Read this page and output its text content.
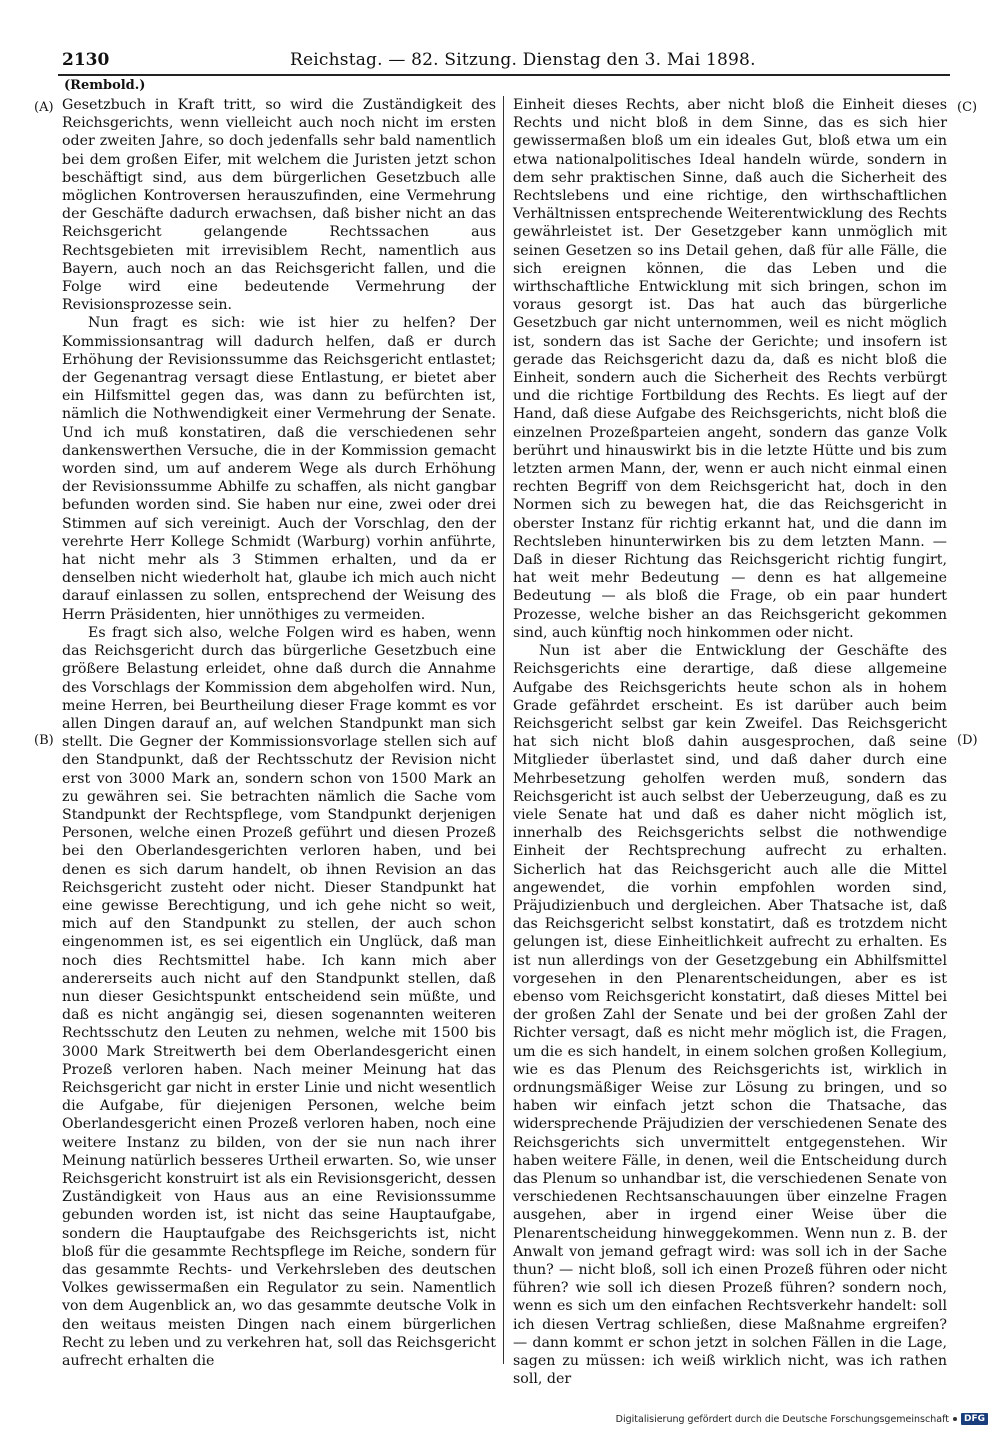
2130	Reichstag. — 82. Sitzung. Dienstag den 3. Mai 1898.
(Rembold.)
(A)
(B)
(C)
(D)

Gesetzbuch in Kraft tritt, so wird die Zuständigkeit des Reichsgerichts, wenn vielleicht auch noch nicht im ersten oder zweiten Jahre, so doch jedenfalls sehr bald namentlich bei dem großen Eifer, mit welchem die Juristen jetzt schon beschäftigt sind, aus dem bürgerlichen Gesetzbuch alle möglichen Kontroversen herauszufinden, eine Vermehrung der Geschäfte dadurch erwachsen, daß bisher nicht an das Reichsgericht gelangende Rechtssachen aus Rechtsgebieten mit irrevisiblem Recht, namentlich aus Bayern, auch noch an das Reichsgericht fallen, und die Folge wird eine bedeutende Vermehrung der Revisionsprozesse sein.

Nun fragt es sich: wie ist hier zu helfen? Der Kommissionsantrag will dadurch helfen, daß er durch Erhöhung der Revisionssumme das Reichsgericht entlastet; der Gegenantrag versagt diese Entlastung, er bietet aber ein Hilfsmittel gegen das, was dann zu befürchten ist, nämlich die Nothwendigkeit einer Vermehrung der Senate. Und ich muß konstatiren, daß die verschiedenen sehr dankenswerthen Versuche, die in der Kommission gemacht worden sind, um auf anderem Wege als durch Erhöhung der Revisionssumme Abhilfe zu schaffen, als nicht gangbar befunden worden sind. Sie haben nur eine, zwei oder drei Stimmen auf sich vereinigt. Auch der Vorschlag, den der verehrte Herr Kollege Schmidt (Warburg) vorhin anführte, hat nicht mehr als 3 Stimmen erhalten, und da er denselben nicht wiederholt hat, glaube ich mich auch nicht darauf einlassen zu sollen, entsprechend der Weisung des Herrn Präsidenten, hier unnöthiges zu vermeiden.

Es fragt sich also, welche Folgen wird es haben, wenn das Reichsgericht durch das bürgerliche Gesetzbuch eine größere Belastung erleidet, ohne daß durch die Annahme des Vorschlags der Kommission dem abgeholfen wird. Nun, meine Herren, bei Beurtheilung dieser Frage kommt es vor allen Dingen darauf an, auf welchen Standpunkt man sich stellt. Die Gegner der Kommissionsvorlage stellen sich auf den Standpunkt, daß der Rechtsschutz der Revision nicht erst von 3000 Mark an, sondern schon von 1500 Mark an zu gewähren sei. Sie betrachten nämlich die Sache vom Standpunkt der Rechtspflege, vom Standpunkt derjenigen Personen, welche einen Prozeß geführt und diesen Prozeß bei den Oberlandesgerichten verloren haben, und bei denen es sich darum handelt, ob ihnen Revision an das Reichsgericht zusteht oder nicht. Dieser Standpunkt hat eine gewisse Berechtigung, und ich gehe nicht so weit, mich auf den Standpunkt zu stellen, der auch schon eingenommen ist, es sei eigentlich ein Unglück, daß man noch dies Rechtsmittel habe. Ich kann mich aber andererseits auch nicht auf den Standpunkt stellen, daß nun dieser Gesichtspunkt entscheidend sein müßte, und daß es nicht angängig sei, diesen sogenannten weiteren Rechtsschutz den Leuten zu nehmen, welche mit 1500 bis 3000 Mark Streitwerth bei dem Oberlandesgericht einen Prozeß verloren haben. Nach meiner Meinung hat das Reichsgericht gar nicht in erster Linie und nicht wesentlich die Aufgabe, für diejenigen Personen, welche beim Oberlandesgericht einen Prozeß verloren haben, noch eine weitere Instanz zu bilden, von der sie nun nach ihrer Meinung natürlich besseres Urtheil erwarten. So, wie unser Reichsgericht konstruirt ist als ein Revisionsgericht, dessen Zuständigkeit von Haus aus an eine Revisionssumme gebunden worden ist, ist nicht das seine Hauptaufgabe, sondern die Hauptaufgabe des Reichsgerichts ist, nicht bloß für die gesammte Rechtspflege im Reiche, sondern für das gesammte Rechts- und Verkehrsleben des deutschen Volkes gewissermaßen ein Regulator zu sein. Namentlich von dem Augenblick an, wo das gesammte deutsche Volk in den weitaus meisten Dingen nach einem bürgerlichen Recht zu leben und zu verkehren hat, soll das Reichsgericht aufrecht erhalten die

Einheit dieses Rechts, aber nicht bloß die Einheit dieses Rechts und nicht bloß in dem Sinne, das es sich hier gewissermaßen bloß um ein ideales Gut, bloß etwa um ein etwa nationalpolitisches Ideal handeln würde, sondern in dem sehr praktischen Sinne, daß auch die Sicherheit des Rechtslebens und eine richtige, den wirthschaftlichen Verhältnissen entsprechende Weiterentwicklung des Rechts gewährleistet ist. Der Gesetzgeber kann unmöglich mit seinen Gesetzen so ins Detail gehen, daß für alle Fälle, die sich ereignen können, die das Leben und die wirthschaftliche Entwicklung mit sich bringen, schon im voraus gesorgt ist. Das hat auch das bürgerliche Gesetzbuch gar nicht unternommen, weil es nicht möglich ist, sondern das ist Sache der Gerichte; und insofern ist gerade das Reichsgericht dazu da, daß es nicht bloß die Einheit, sondern auch die Sicherheit des Rechts verbürgt und die richtige Fortbildung des Rechts. Es liegt auf der Hand, daß diese Aufgabe des Reichsgerichts, nicht bloß die einzelnen Prozeßparteien angeht, sondern das ganze Volk berührt und hinauswirkt bis in die letzte Hütte und bis zum letzten armen Mann, der, wenn er auch nicht einmal einen rechten Begriff von dem Reichsgericht hat, doch in den Normen sich zu bewegen hat, die das Reichsgericht in oberster Instanz für richtig erkannt hat, und die dann im Rechtsleben hinunterwirken bis zu dem letzten Mann. — Daß in dieser Richtung das Reichsgericht richtig fungirt, hat weit mehr Bedeutung — denn es hat allgemeine Bedeutung — als bloß die Frage, ob ein paar hundert Prozesse, welche bisher an das Reichsgericht gekommen sind, auch künftig noch hinkommen oder nicht.

Nun ist aber die Entwicklung der Geschäfte des Reichsgerichts eine derartige, daß diese allgemeine Aufgabe des Reichsgerichts heute schon als in hohem Grade gefährdet erscheint. Es ist darüber auch beim Reichsgericht selbst gar kein Zweifel. Das Reichsgericht hat sich nicht bloß dahin ausgesprochen, daß seine Mitglieder überlastet sind, und daß daher durch eine Mehrbesetzung geholfen werden muß, sondern das Reichsgericht ist auch selbst der Ueberzeugung, daß es zu viele Senate hat und daß es daher nicht möglich ist, innerhalb des Reichsgerichts selbst die nothwendige Einheit der Rechtsprechung aufrecht zu erhalten. Sicherlich hat das Reichsgericht auch alle die Mittel angewendet, die vorhin empfohlen worden sind, Präjudizienbuch und dergleichen. Aber Thatsache ist, daß das Reichsgericht selbst konstatirt, daß es trotzdem nicht gelungen ist, diese Einheitlichkeit aufrecht zu erhalten. Es ist nun allerdings von der Gesetzgebung ein Abhilfsmittel vorgesehen in den Plenarentscheidungen, aber es ist ebenso vom Reichsgericht konstatirt, daß dieses Mittel bei der großen Zahl der Senate und bei der großen Zahl der Richter versagt, daß es nicht mehr möglich ist, die Fragen, um die es sich handelt, in einem solchen großen Kollegium, wie es das Plenum des Reichsgerichts ist, wirklich in ordnungsmäßiger Weise zur Lösung zu bringen, und so haben wir einfach jetzt schon die Thatsache, das widersprechende Präjudizien der verschiedenen Senate des Reichsgerichts sich unvermittelt entgegenstehen. Wir haben weitere Fälle, in denen, weil die Entscheidung durch das Plenum so unhandbar ist, die verschiedenen Senate von verschiedenen Rechtsanschauungen über einzelne Fragen ausgehen, aber in irgend einer Weise über die Plenarentscheidung hinweggekommen. Wenn nun z. B. der Anwalt von jemand gefragt wird: was soll ich in der Sache thun? — nicht bloß, soll ich einen Prozeß führen oder nicht führen? wie soll ich diesen Prozeß führen? sondern noch, wenn es sich um den einfachen Rechtsverkehr handelt: soll ich diesen Vertrag schließen, diese Maßnahme ergreifen? — dann kommt er schon jetzt in solchen Fällen in die Lage, sagen zu müssen: ich weiß wirklich nicht, was ich rathen soll, der

Digitalisierung gefördert durch die Deutsche Forschungsgemeinschaft	DFG
